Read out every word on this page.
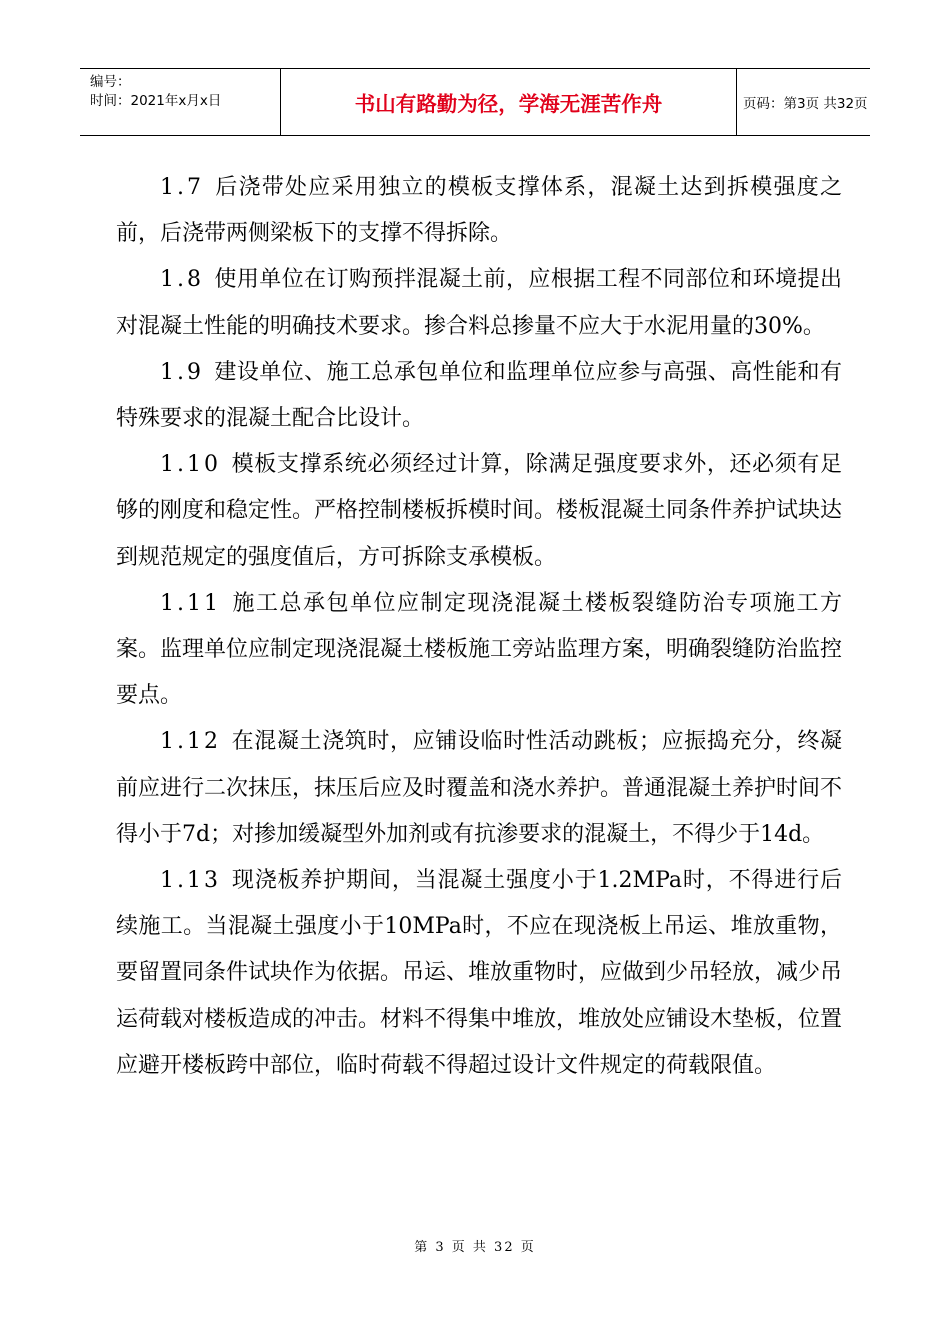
编号：
时间：2021年x月x日	书山有路勤为径，学海无涯苦作舟	页码：第3页 共32页

1.7 后浇带处应采用独立的模板支撑体系，混凝土达到拆模强度之前，后浇带两侧梁板下的支撑不得拆除。

1.8 使用单位在订购预拌混凝土前，应根据工程不同部位和环境提出对混凝土性能的明确技术要求。掺合料总掺量不应大于水泥用量的30%。

1.9 建设单位、施工总承包单位和监理单位应参与高强、高性能和有特殊要求的混凝土配合比设计。

1.10 模板支撑系统必须经过计算，除满足强度要求外，还必须有足够的刚度和稳定性。严格控制楼板拆模时间。楼板混凝土同条件养护试块达到规范规定的强度值后，方可拆除支承模板。

1.11 施工总承包单位应制定现浇混凝土楼板裂缝防治专项施工方案。监理单位应制定现浇混凝土楼板施工旁站监理方案，明确裂缝防治监控要点。

1.12 在混凝土浇筑时，应铺设临时性活动跳板；应振捣充分，终凝前应进行二次抹压，抹压后应及时覆盖和浇水养护。普通混凝土养护时间不得小于7d；对掺加缓凝型外加剂或有抗渗要求的混凝土，不得少于14d。

1.13 现浇板养护期间，当混凝土强度小于1.2MPa时，不得进行后续施工。当混凝土强度小于10MPa时，不应在现浇板上吊运、堆放重物，要留置同条件试块作为依据。吊运、堆放重物时，应做到少吊轻放，减少吊运荷载对楼板造成的冲击。材料不得集中堆放，堆放处应铺设木垫板，位置应避开楼板跨中部位，临时荷载不得超过设计文件规定的荷载限值。

第 3 页 共 32 页
